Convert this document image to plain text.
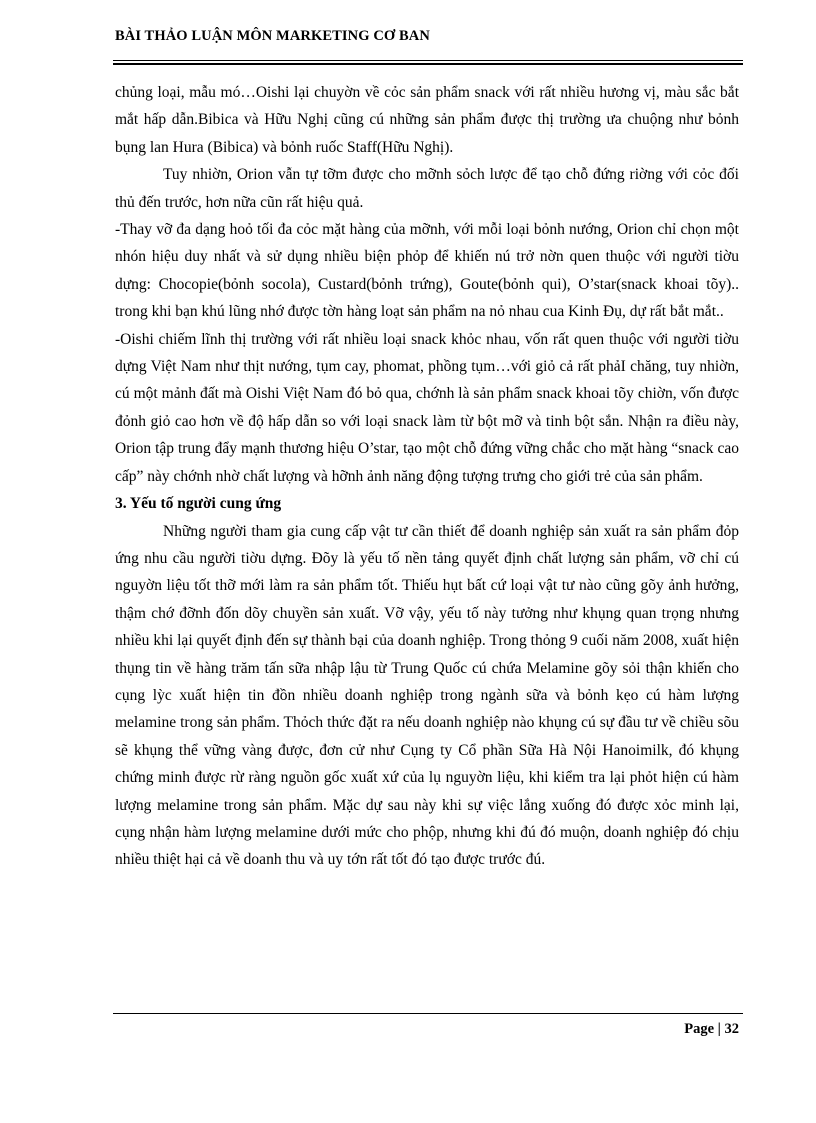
BÀI THẢO LUẬN MÔN MARKETING CƠ BAN

chủng loại, mẫu mó…Oishi lại chuyờn về cỏc sản phẩm snack với rất nhiều hương vị, màu sắc bắt mắt hấp dẫn.Bibica và Hữu Nghị cũng cú những sản phẩm được thị trường ưa chuộng như bỏnh bụng lan Hura (Bibica) và bỏnh ruốc Staff(Hữu Nghị).

Tuy nhiờn, Orion vẫn tự tỡm được cho mỡnh sỏch lược để tạo chỗ đứng riờng với cỏc đối thủ đến trước, hơn nữa cũn rất hiệu quả.

-Thay vỡ đa dạng hoỏ tối đa cỏc mặt hàng của mỡnh, với mỗi loại bỏnh nướng, Orion chỉ chọn một nhón hiệu duy nhất và sử dụng nhiều biện phỏp để khiến nú trở nờn quen thuộc với người tiờu dựng: Chocopie(bỏnh socola), Custard(bỏnh trứng), Goute(bỏnh qui), O’star(snack khoai tõy).. trong khi bạn khú lũng nhớ được tờn hàng loạt sản phẩm na nỏ nhau cua Kinh Đụ, dự rất bắt mắt..

-Oishi chiếm lĩnh thị trường với rất nhiều loại snack khỏc nhau, vốn rất quen thuộc với người tiờu dựng Việt Nam như thịt nướng, tụm cay, phomat, phồng tụm…với giỏ cả rất phảI chăng, tuy nhiờn, cú một mảnh đất mà Oishi Việt Nam đó bỏ qua, chớnh là sản phẩm snack khoai tõy chiờn, vốn được đỏnh giỏ cao hơn về độ hấp dẫn so với loại snack làm từ bột mỡ và tinh bột sắn. Nhận ra điều này, Orion tập trung đẩy mạnh thương hiệu O’star, tạo một chỗ đứng vững chắc cho mặt hàng “snack cao cấp” này chớnh nhờ chất lượng và hỡnh ảnh năng động tượng trưng cho giới trẻ của sản phẩm.

3. Yếu tố người cung ứng

Những người tham gia cung cấp vật tư cần thiết để doanh nghiệp sản xuất ra sản phẩm đỏp ứng nhu cầu người tiờu dựng. Đõy là yếu tố nền tảng quyết định chất lượng sản phẩm, vỡ chỉ cú nguyờn liệu tốt thỡ mới làm ra sản phẩm tốt. Thiếu hụt bất cứ loại vật tư nào cũng gõy ảnh hưởng, thậm chớ đỡnh đốn dõy chuyền sản xuất. Vỡ vậy, yếu tố này tưởng như khụng quan trọng nhưng nhiều khi lại quyết định đến sự thành bại của doanh nghiệp. Trong thỏng 9 cuối năm 2008, xuất hiện thụng tin về hàng trăm tấn sữa nhập lậu từ Trung Quốc cú chứa Melamine gõy sỏi thận khiến cho cụng lỳc xuất hiện tin đồn nhiều doanh nghiệp trong ngành sữa và bỏnh kẹo cú hàm lượng melamine trong sản phẩm. Thỏch thức đặt ra nếu doanh nghiệp nào khụng cú sự đầu tư về chiều sõu sẽ khụng thể vững vàng được, đơn cử như Cụng ty Cổ phần Sữa Hà Nội Hanoimilk, đó khụng chứng minh được rừ ràng nguồn gốc xuất xứ của lụ nguyờn liệu, khi kiểm tra lại phỏt hiện cú hàm lượng melamine trong sản phẩm. Mặc dự sau này khi sự việc lắng xuống đó được xỏc minh lại, cụng nhận hàm lượng melamine dưới mức cho phộp, nhưng khi đú đó muộn, doanh nghiệp đó chịu nhiều thiệt hại cả về doanh thu và uy tớn rất tốt đó tạo được trước đú.

Page | 32
